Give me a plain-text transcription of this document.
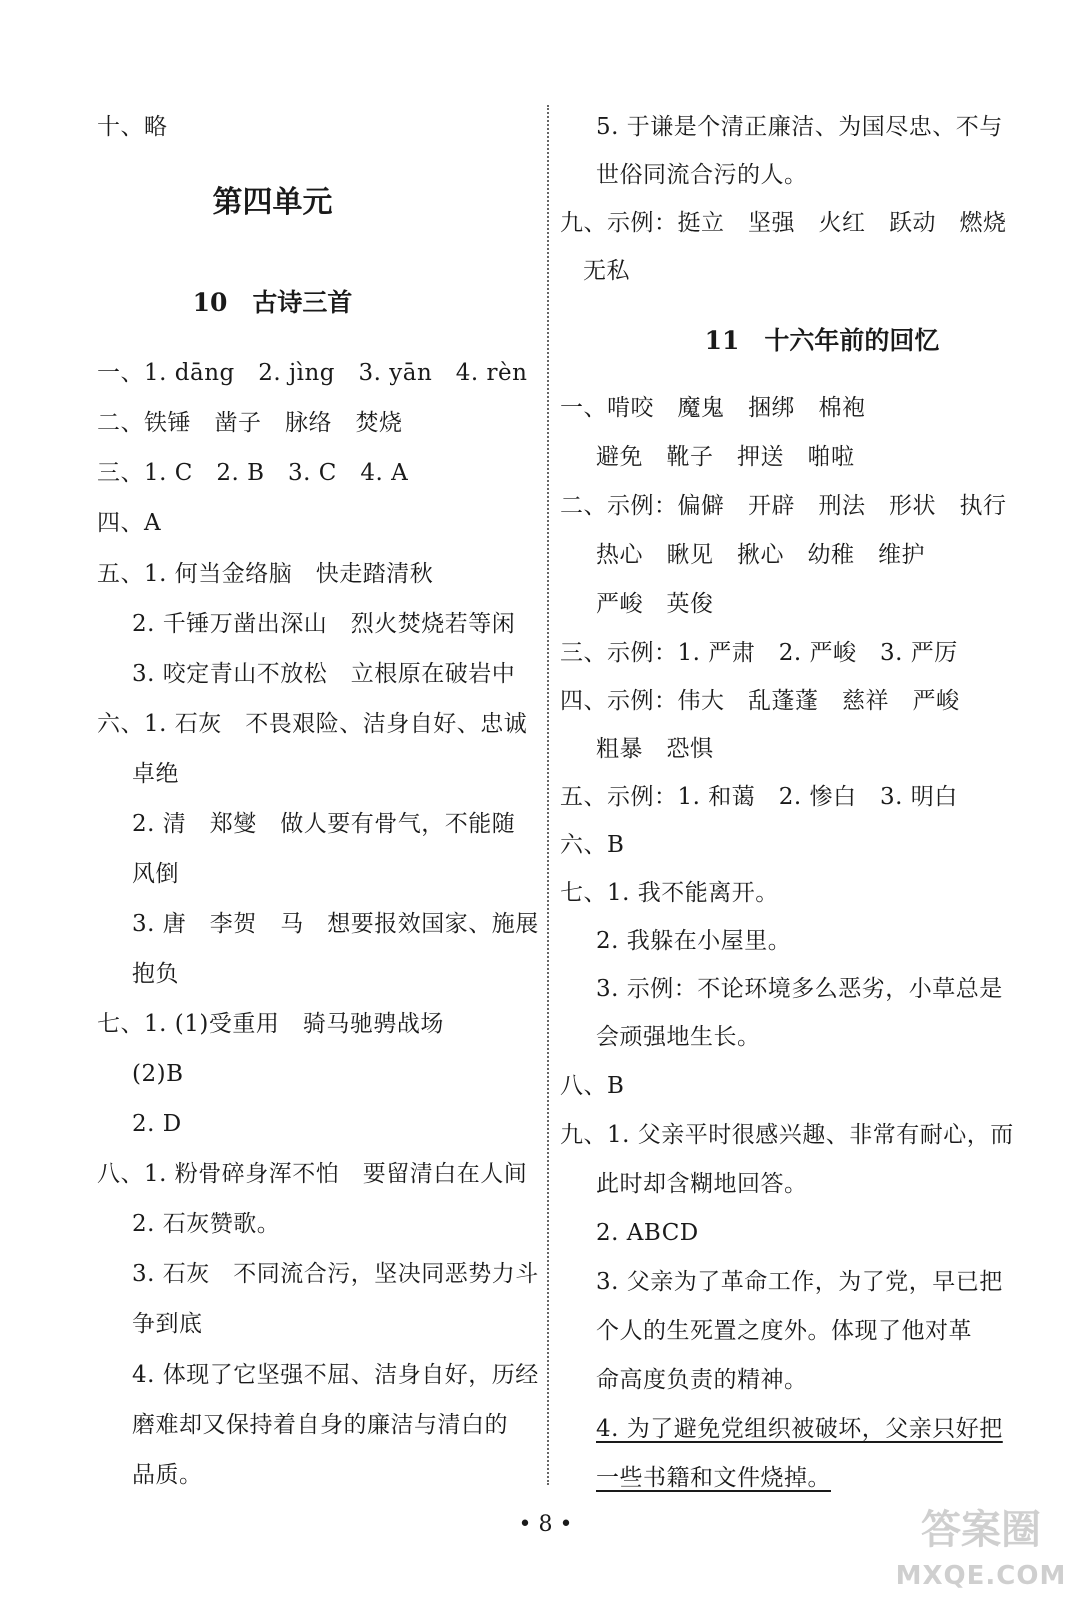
十、略
第四单元
10　古诗三首
一、1. dāng　2. jìng　3. yān　4. rèn
二、铁锤　凿子　脉络　焚烧
三、1. C　2. B　3. C　4. A
四、A
五、1. 何当金络脑　快走踏清秋
2. 千锤万凿出深山　烈火焚烧若等闲
3. 咬定青山不放松　立根原在破岩中
六、1. 石灰　不畏艰险、洁身自好、忠诚
卓绝
2. 清　郑燮　做人要有骨气，不能随
风倒
3. 唐　李贺　马　想要报效国家、施展
抱负
七、1. (1)受重用　骑马驰骋战场
(2)B
2. D
八、1. 粉骨碎身浑不怕　要留清白在人间
2. 石灰赞歌。
3. 石灰　不同流合污，坚决同恶势力斗
争到底
4. 体现了它坚强不屈、洁身自好，历经
磨难却又保持着自身的廉洁与清白的
品质。
5. 于谦是个清正廉洁、为国尽忠、不与
世俗同流合污的人。
九、示例：挺立　坚强　火红　跃动　燃烧
无私
11　十六年前的回忆
一、啃咬　魔鬼　捆绑　棉袍
避免　靴子　押送　啪啦
二、示例：偏僻　开辟　刑法　形状　执行
热心　瞅见　揪心　幼稚　维护
严峻　英俊
三、示例：1. 严肃　2. 严峻　3. 严厉
四、示例：伟大　乱蓬蓬　慈祥　严峻
粗暴　恐惧
五、示例：1. 和蔼　2. 惨白　3. 明白
六、B
七、1. 我不能离开。
2. 我躲在小屋里。
3. 示例：不论环境多么恶劣，小草总是
会顽强地生长。
八、B
九、1. 父亲平时很感兴趣、非常有耐心，而
此时却含糊地回答。
2. ABCD
3. 父亲为了革命工作，为了党，早已把
个人的生死置之度外。体现了他对革
命高度负责的精神。
4. 为了避免党组织被破坏，父亲只好把
一些书籍和文件烧掉。
• 8 •	答案圈
MXQE.COM
